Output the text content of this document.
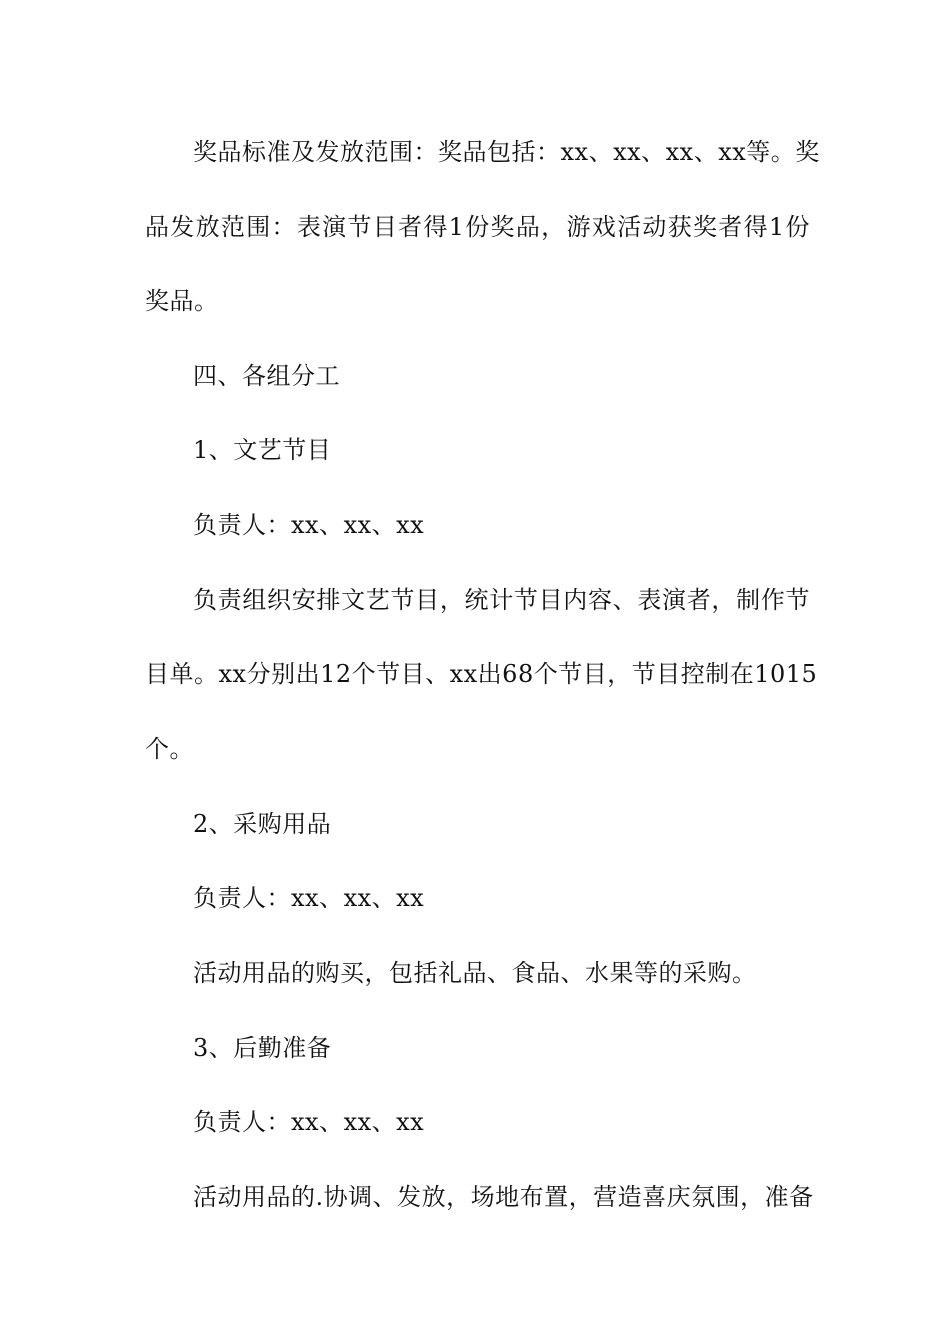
奖品标准及发放范围：奖品包括：xx、xx、xx、xx等。奖
品发放范围：表演节目者得1份奖品，游戏活动获奖者得1份
奖品。
四、各组分工
1、文艺节目
负责人：xx、xx、xx
负责组织安排文艺节目，统计节目内容、表演者，制作节
目单。xx分别出12个节目、xx出68个节目，节目控制在1015
个。
2、采购用品
负责人：xx、xx、xx
活动用品的购买，包括礼品、食品、水果等的采购。
3、后勤准备
负责人：xx、xx、xx
活动用品的.协调、发放，场地布置，营造喜庆氛围，准备
